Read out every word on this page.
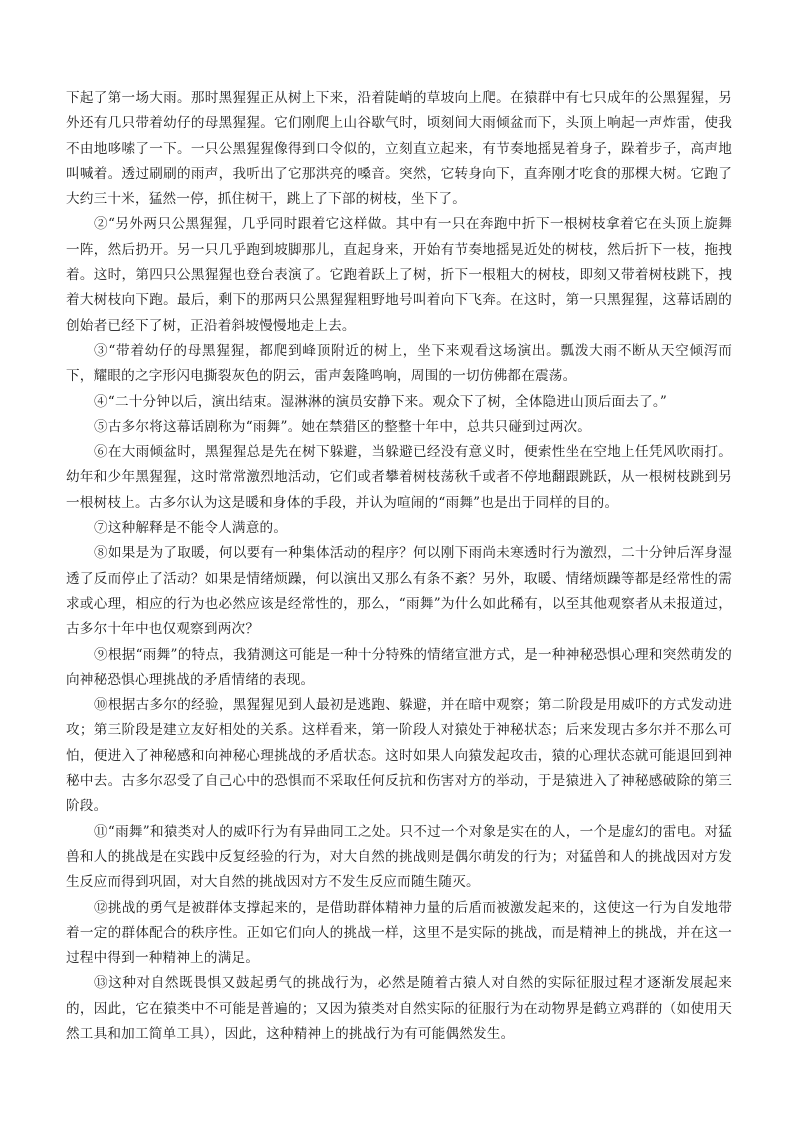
下起了第一场大雨。那时黑猩猩正从树上下来，沿着陡峭的草坡向上爬。在猿群中有七只成年的公黑猩猩，另外还有几只带着幼仔的母黑猩猩。它们刚爬上山谷歇气时，顷刻间大雨倾盆而下，头顶上响起一声炸雷，使我不由地哆嗦了一下。一只公黑猩猩像得到口令似的，立刻直立起来，有节奏地摇晃着身子，跺着步子，高声地叫喊着。透过刷刷的雨声，我听出了它那洪亮的嗓音。突然，它转身向下，直奔刚才吃食的那棵大树。它跑了大约三十米，猛然一停，抓住树干，跳上了下部的树枝，坐下了。

②“另外两只公黑猩猩，几乎同时跟着它这样做。其中有一只在奔跑中折下一根树枝拿着它在头顶上旋舞一阵，然后扔开。另一只几乎跑到坡脚那儿，直起身来，开始有节奏地摇晃近处的树枝，然后折下一枝，拖拽着。这时，第四只公黑猩猩也登台表演了。它跑着跃上了树，折下一根粗大的树枝，即刻又带着树枝跳下，拽着大树枝向下跑。最后，剩下的那两只公黑猩猩粗野地号叫着向下飞奔。在这时，第一只黑猩猩，这幕话剧的创始者已经下了树，正沿着斜坡慢慢地走上去。

③“带着幼仔的母黑猩猩，都爬到峰顶附近的树上，坐下来观看这场演出。瓢泼大雨不断从天空倾泻而下，耀眼的之字形闪电撕裂灰色的阴云，雷声轰隆鸣响，周围的一切仿佛都在震荡。

④“二十分钟以后，演出结束。湿淋淋的演员安静下来。观众下了树，全体隐进山顶后面去了。”

⑤古多尔将这幕话剧称为“雨舞”。她在禁猎区的整整十年中，总共只碰到过两次。

⑥在大雨倾盆时，黑猩猩总是先在树下躲避，当躲避已经没有意义时，便索性坐在空地上任凭风吹雨打。幼年和少年黑猩猩，这时常常激烈地活动，它们或者攀着树枝荡秋千或者不停地翻跟跳跃，从一根树枝跳到另一根树枝上。古多尔认为这是暖和身体的手段，并认为喧闹的“雨舞”也是出于同样的目的。

⑦这种解释是不能令人满意的。

⑧如果是为了取暖，何以要有一种集体活动的程序？何以刚下雨尚未寒透时行为激烈，二十分钟后浑身湿透了反而停止了活动？如果是情绪烦躁，何以演出又那么有条不紊？另外，取暖、情绪烦躁等都是经常性的需求或心理，相应的行为也必然应该是经常性的，那么，“雨舞”为什么如此稀有，以至其他观察者从未报道过，古多尔十年中也仅观察到两次？

⑨根据“雨舞”的特点，我猜测这可能是一种十分特殊的情绪宣泄方式，是一种神秘恐惧心理和突然萌发的向神秘恐惧心理挑战的矛盾情绪的表现。

⑩根据古多尔的经验，黑猩猩见到人最初是逃跑、躲避，并在暗中观察；第二阶段是用威吓的方式发动进攻；第三阶段是建立友好相处的关系。这样看来，第一阶段人对猿处于神秘状态；后来发现古多尔并不那么可怕，便进入了神秘感和向神秘心理挑战的矛盾状态。这时如果人向猿发起攻击，猿的心理状态就可能退回到神秘中去。古多尔忍受了自己心中的恐惧而不采取任何反抗和伤害对方的举动，于是猿进入了神秘感破除的第三阶段。

⑪“雨舞”和猿类对人的威吓行为有异曲同工之处。只不过一个对象是实在的人，一个是虚幻的雷电。对猛兽和人的挑战是在实践中反复经验的行为，对大自然的挑战则是偶尔萌发的行为；对猛兽和人的挑战因对方发生反应而得到巩固，对大自然的挑战因对方不发生反应而随生随灭。

⑫挑战的勇气是被群体支撑起来的，是借助群体精神力量的后盾而被激发起来的，这使这一行为自发地带着一定的群体配合的秩序性。正如它们向人的挑战一样，这里不是实际的挑战，而是精神上的挑战，并在这一过程中得到一种精神上的满足。

⑬这种对自然既畏惧又鼓起勇气的挑战行为，必然是随着古猿人对自然的实际征服过程才逐渐发展起来的，因此，它在猿类中不可能是普遍的；又因为猿类对自然实际的征服行为在动物界是鹤立鸡群的（如使用天然工具和加工简单工具），因此，这种精神上的挑战行为有可能偶然发生。
